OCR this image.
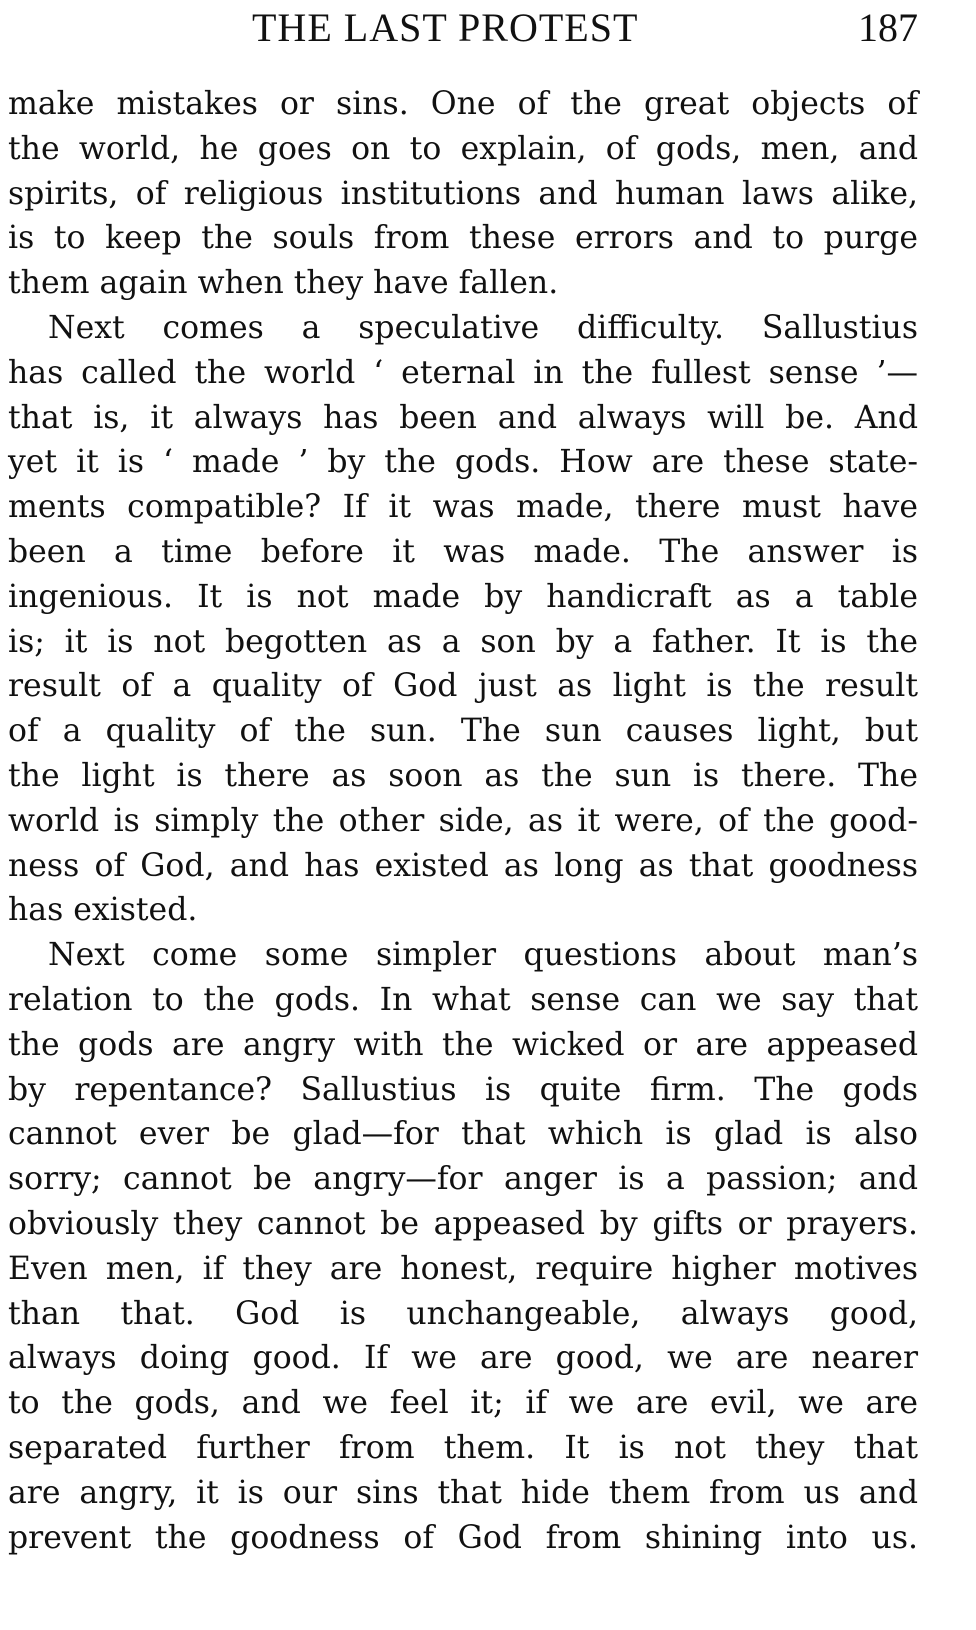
THE LAST PROTEST	187
make mistakes or sins. One of the great objects of
the world, he goes on to explain, of gods, men, and
spirits, of religious institutions and human laws alike,
is to keep the souls from these errors and to purge
them again when they have fallen.
Next comes a speculative difficulty. Sallustius
has called the world ‘ eternal in the fullest sense ’—
that is, it always has been and always will be. And
yet it is ‘ made ’ by the gods. How are these state-
ments compatible? If it was made, there must have
been a time before it was made. The answer is
ingenious. It is not made by handicraft as a table
is; it is not begotten as a son by a father. It is the
result of a quality of God just as light is the result
of a quality of the sun. The sun causes light, but
the light is there as soon as the sun is there. The
world is simply the other side, as it were, of the good-
ness of God, and has existed as long as that goodness
has existed.
Next come some simpler questions about man’s
relation to the gods. In what sense can we say that
the gods are angry with the wicked or are appeased
by repentance? Sallustius is quite firm. The gods
cannot ever be glad—for that which is glad is also
sorry; cannot be angry—for anger is a passion; and
obviously they cannot be appeased by gifts or prayers.
Even men, if they are honest, require higher motives
than that. God is unchangeable, always good,
always doing good. If we are good, we are nearer
to the gods, and we feel it; if we are evil, we are
separated further from them. It is not they that
are angry, it is our sins that hide them from us and
prevent the goodness of God from shining into us.
